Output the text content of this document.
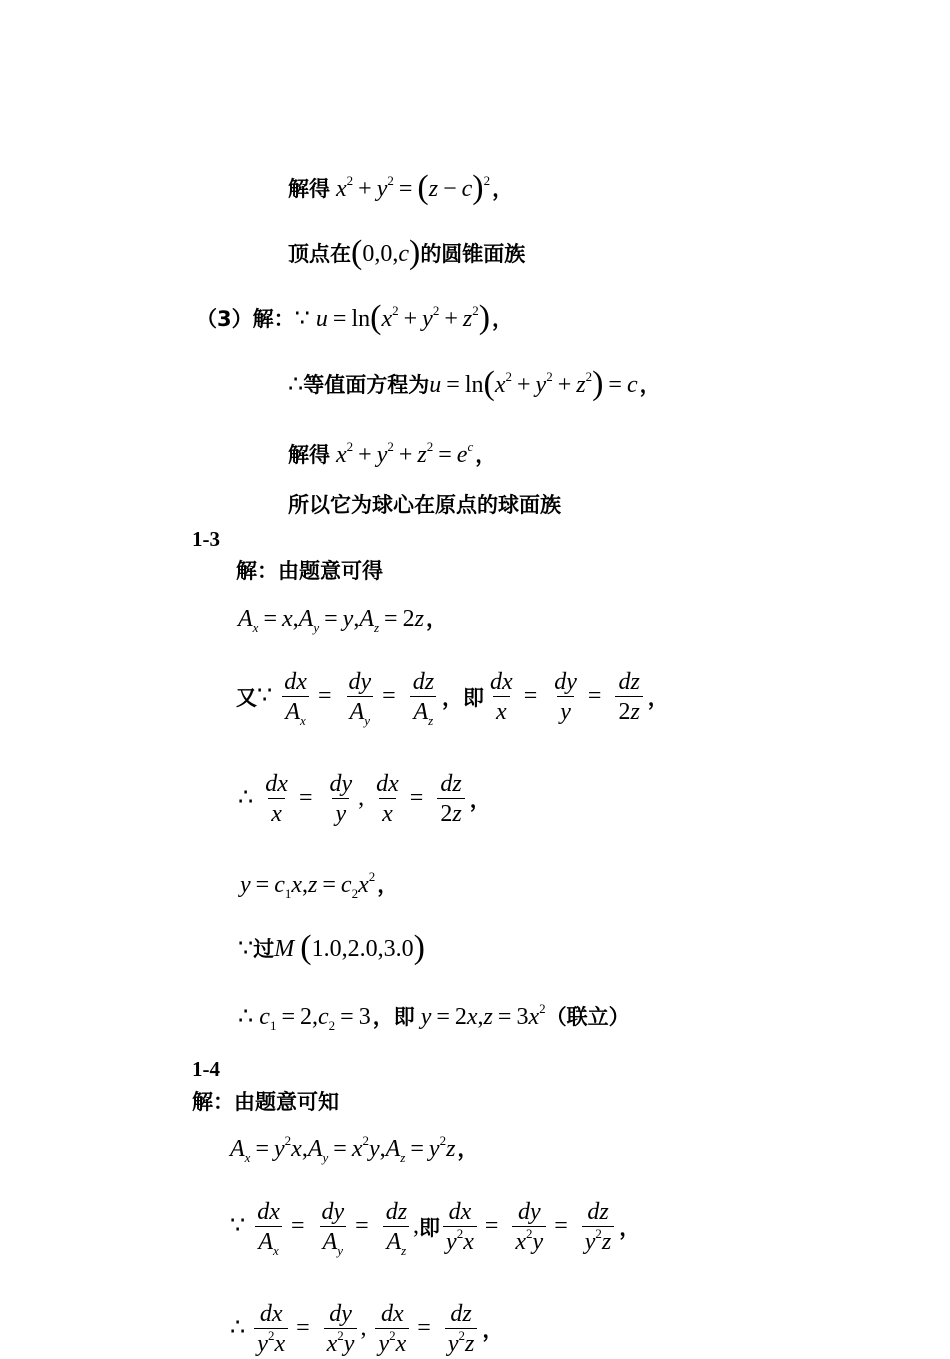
解得 $x^2 + y^2 = (z - c)^2$ ，
顶点在 (0,0,c) 的圆锥面族
（3）解： ∵ $u = \ln(x^2 + y^2 + z^2)$ ，
∴ 等值面方程为 $u = \ln(x^2 + y^2 + z^2) = c$ ，
解得 $x^2 + y^2 + z^2 = e^c$ ，
所以它为球心在原点的球面族
1-3
解：由题意可得
$A_x = x,A_y = y,A_z = 2z$ ，
又 ∵ $\frac{dx}{A_x} = \frac{dy}{A_y} = \frac{dz}{A_z}$ ， 即 $\frac{dx}{x} = \frac{dy}{y} = \frac{dz}{2z}$ ，
∴ $\frac{dx}{x} = \frac{dy}{y}$ , $\frac{dx}{x} = \frac{dz}{2z}$ ，
$y = c_1x,z = c_2x^2$ ，
∵ 过 M (1.0,2.0,3.0)
∴ $c_1 = 2,c_2 = 3$ ， 即 $y = 2x,z = 3x^2$ （联立）
1-4
解：由题意可知
$A_x = y^2x,A_y = x^2y,A_z = y^2z$ ，
∵ $\frac{dx}{A_x} = \frac{dy}{A_y} = \frac{dz}{A_z}$ , 即 $\frac{dx}{y^2x} = \frac{dy}{x^2y} = \frac{dz}{y^2z}$ ，
∴ $\frac{dx}{y^2x} = \frac{dy}{x^2y}$ , $\frac{dx}{y^2x} = \frac{dz}{y^2z}$ ，
